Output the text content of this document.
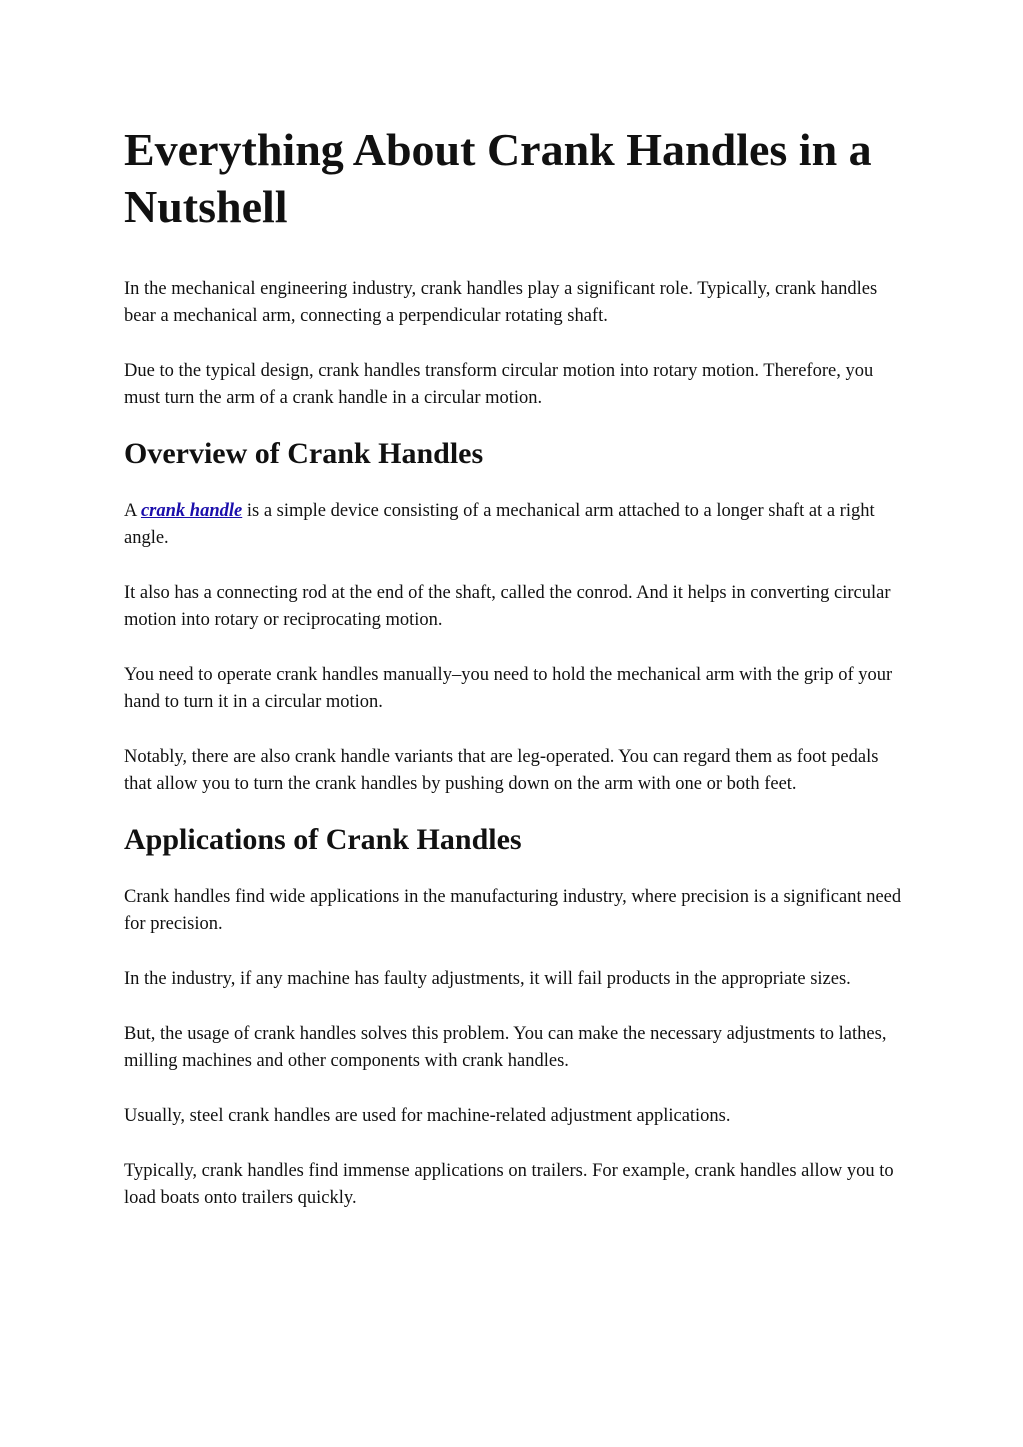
Everything About Crank Handles in a Nutshell

In the mechanical engineering industry, crank handles play a significant role. Typically, crank handles bear a mechanical arm, connecting a perpendicular rotating shaft.

Due to the typical design, crank handles transform circular motion into rotary motion. Therefore, you must turn the arm of a crank handle in a circular motion.

Overview of Crank Handles

A crank handle is a simple device consisting of a mechanical arm attached to a longer shaft at a right angle.

It also has a connecting rod at the end of the shaft, called the conrod. And it helps in converting circular motion into rotary or reciprocating motion.

You need to operate crank handles manually–you need to hold the mechanical arm with the grip of your hand to turn it in a circular motion.

Notably, there are also crank handle variants that are leg-operated. You can regard them as foot pedals that allow you to turn the crank handles by pushing down on the arm with one or both feet.

Applications of Crank Handles

Crank handles find wide applications in the manufacturing industry, where precision is a significant need for precision.

In the industry, if any machine has faulty adjustments, it will fail products in the appropriate sizes.

But, the usage of crank handles solves this problem. You can make the necessary adjustments to lathes, milling machines and other components with crank handles.

Usually, steel crank handles are used for machine-related adjustment applications.

Typically, crank handles find immense applications on trailers. For example, crank handles allow you to load boats onto trailers quickly.
